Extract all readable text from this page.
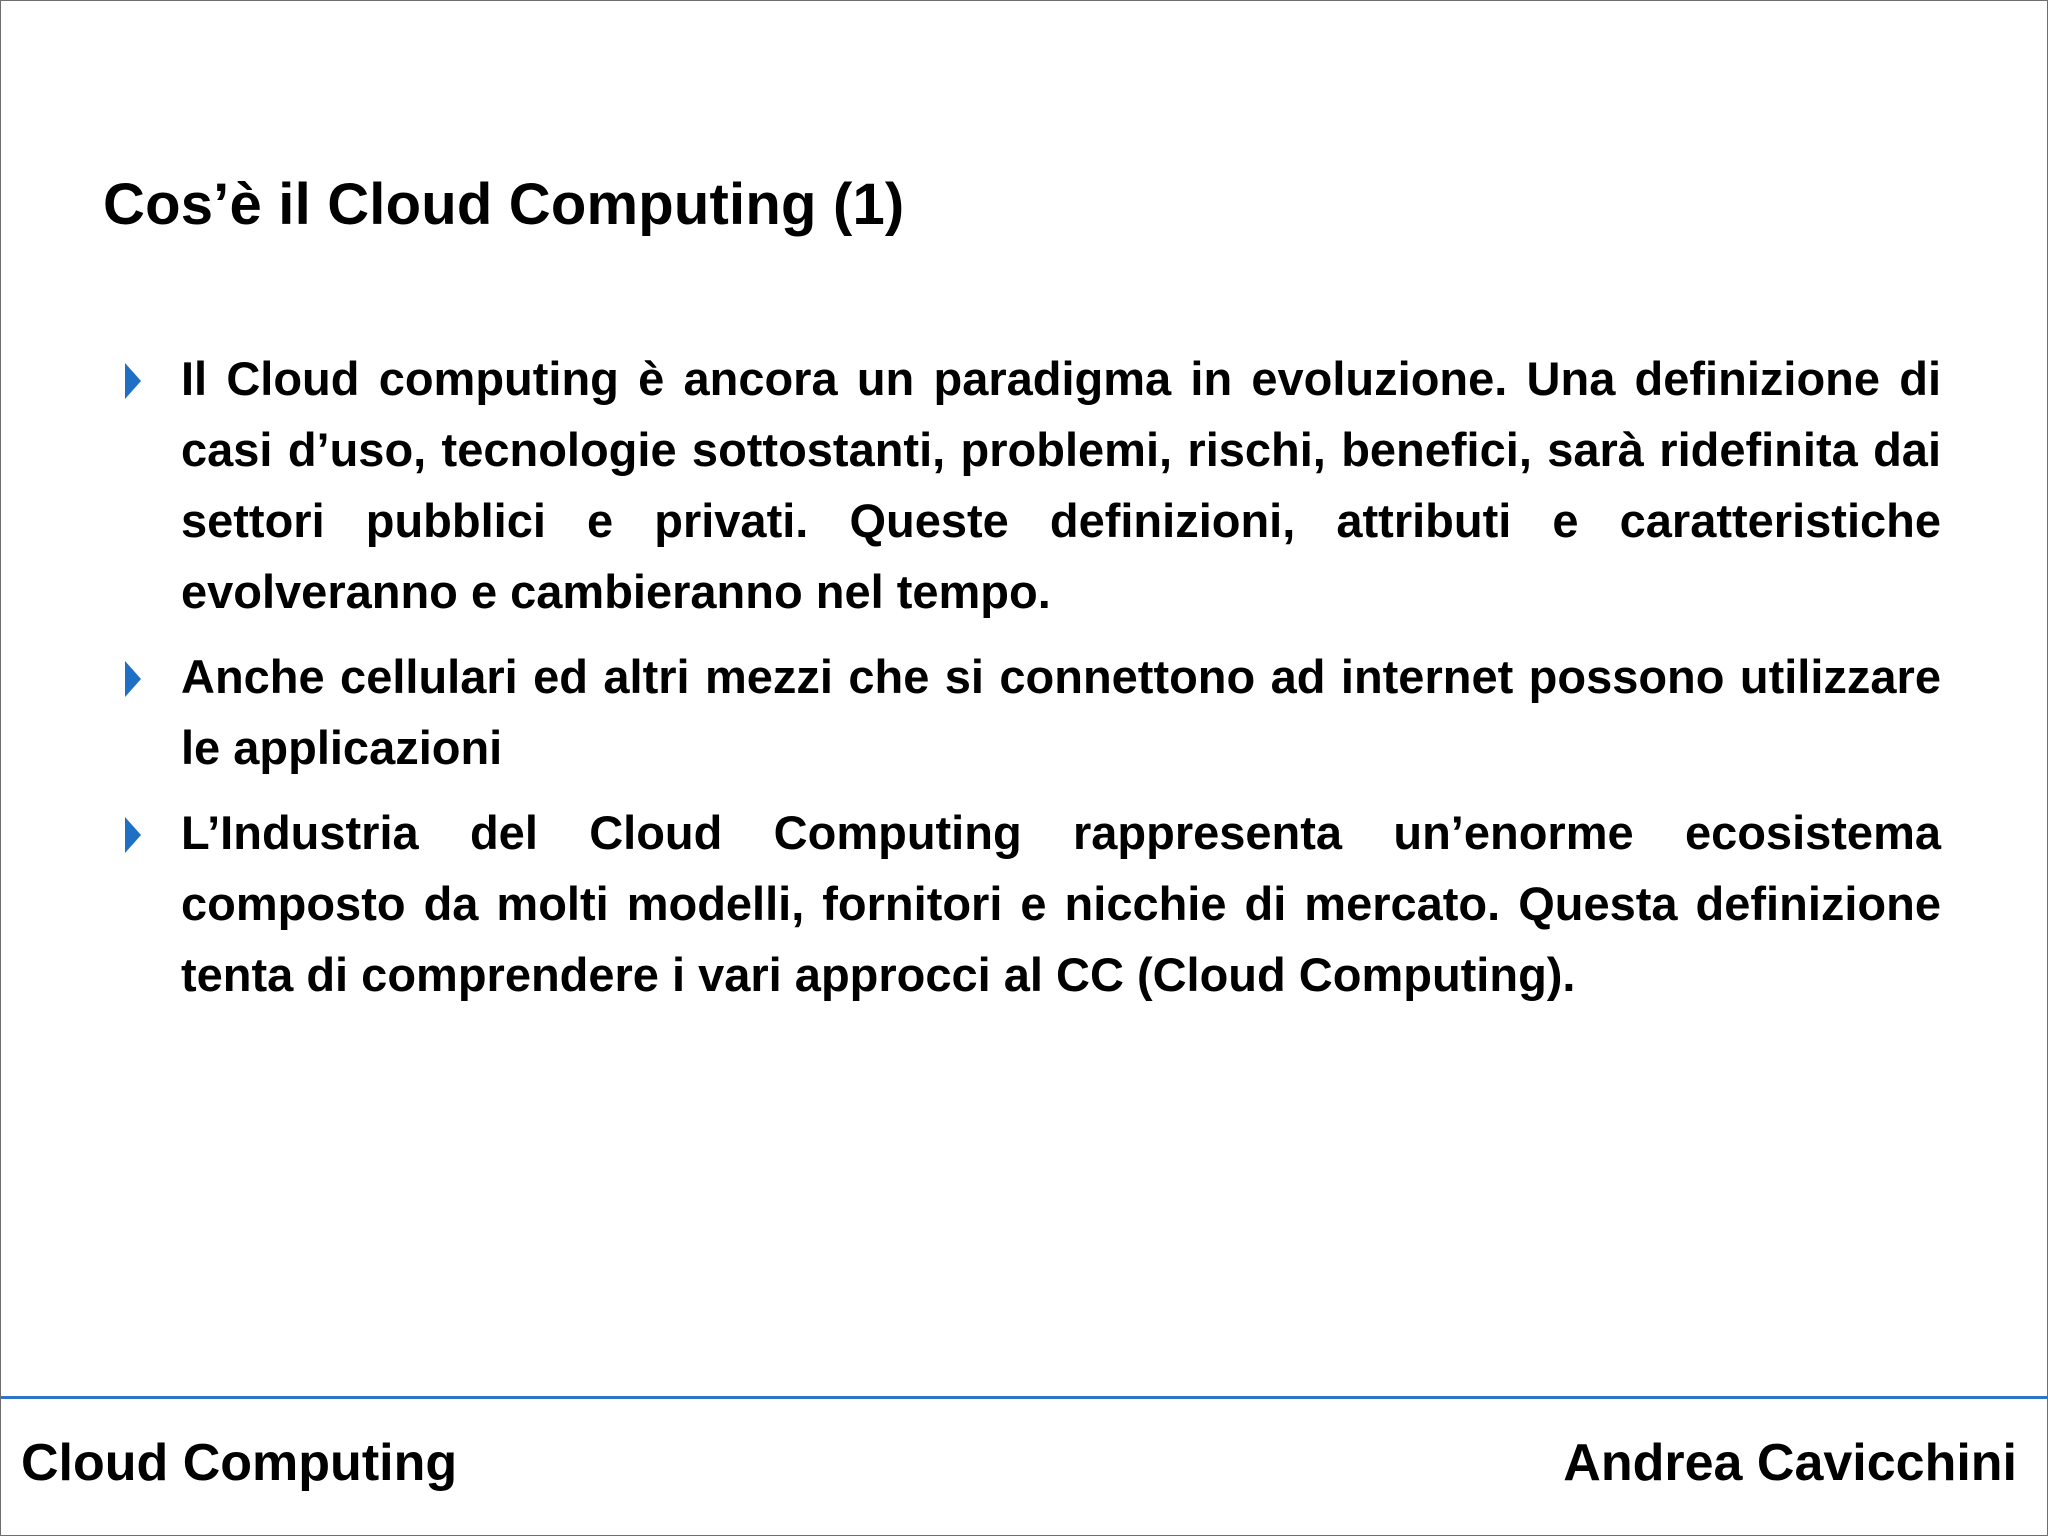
Cos’è il Cloud Computing (1)
Il Cloud computing è ancora un paradigma in evoluzione. Una definizione di casi d’uso, tecnologie sottostanti, problemi, rischi, benefici, sarà ridefinita dai settori pubblici e privati. Queste definizioni, attributi e caratteristiche evolveranno e cambieranno nel tempo.
Anche cellulari ed altri mezzi che si connettono ad internet possono utilizzare le applicazioni
L’Industria del Cloud Computing rappresenta un’enorme ecosistema composto da molti modelli, fornitori e nicchie di mercato. Questa definizione tenta di comprendere i vari approcci al CC (Cloud Computing).
Cloud Computing	Andrea Cavicchini
